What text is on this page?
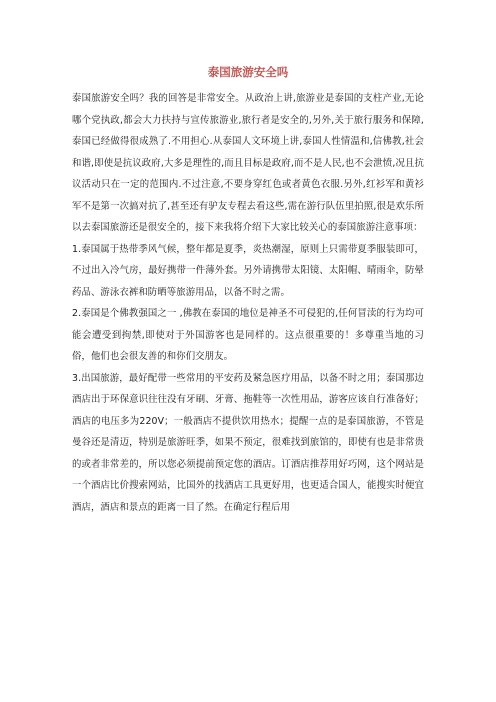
泰国旅游安全吗

泰国旅游安全吗？我的回答是非常安全。从政治上讲,旅游业是泰国的支柱产业,无论哪个党执政,都会大力扶持与宣传旅游业,旅行者是安全的,另外,关于旅行服务和保障,泰国已经做得很成熟了.不用担心.从泰国人文环境上讲,泰国人性情温和,信佛教,社会和谐,即使是抗议政府,大多是理性的,而且目标是政府,而不是人民,也不会泄愤,况且抗议活动只在一定的范围内.不过注意,不要身穿红色或者黄色衣服.另外,红衫军和黄衫军不是第一次搞对抗了,甚至还有驴友专程去看这些,需在游行队伍里拍照,很是欢乐所以去泰国旅游还是很安全的，接下来我将介绍下大家比较关心的泰国旅游注意事项：

1.泰国属于热带季风气候，整年都是夏季，炎热潮湿，原则上只需带夏季服装即可，不过出入冷气房，最好携带一件薄外套。另外请携带太阳镜、太阳帽、晴雨伞，防晕药品、游泳衣裤和防晒等旅游用品，以备不时之需。

2.泰国是个佛教强国之一 ,佛教在泰国的地位是神圣不可侵犯的,任何冒渎的行为均可能会遭受到拘禁,即使对于外国游客也是同样的。这点很重要的！多尊重当地的习俗，他们也会很友善的和你们交朋友。

3.出国旅游，最好配带一些常用的平安药及紧急医疗用品，以备不时之用；泰国那边酒店出于环保意识往往没有牙刷、牙膏、拖鞋等一次性用品，游客应该自行准备好；酒店的电压多为220V；一般酒店不提供饮用热水；提醒一点的是泰国旅游，不管是曼谷还是清迈，特别是旅游旺季，如果不预定，很难找到旅馆的，即使有也是非常贵的或者非常差的，所以您必须提前预定您的酒店。订酒店推荐用好巧网，这个网站是一个酒店比价搜索网站，比国外的找酒店工具更好用，也更适合国人，能搜实时便宜酒店，酒店和景点的距离一目了然。在确定行程后用
